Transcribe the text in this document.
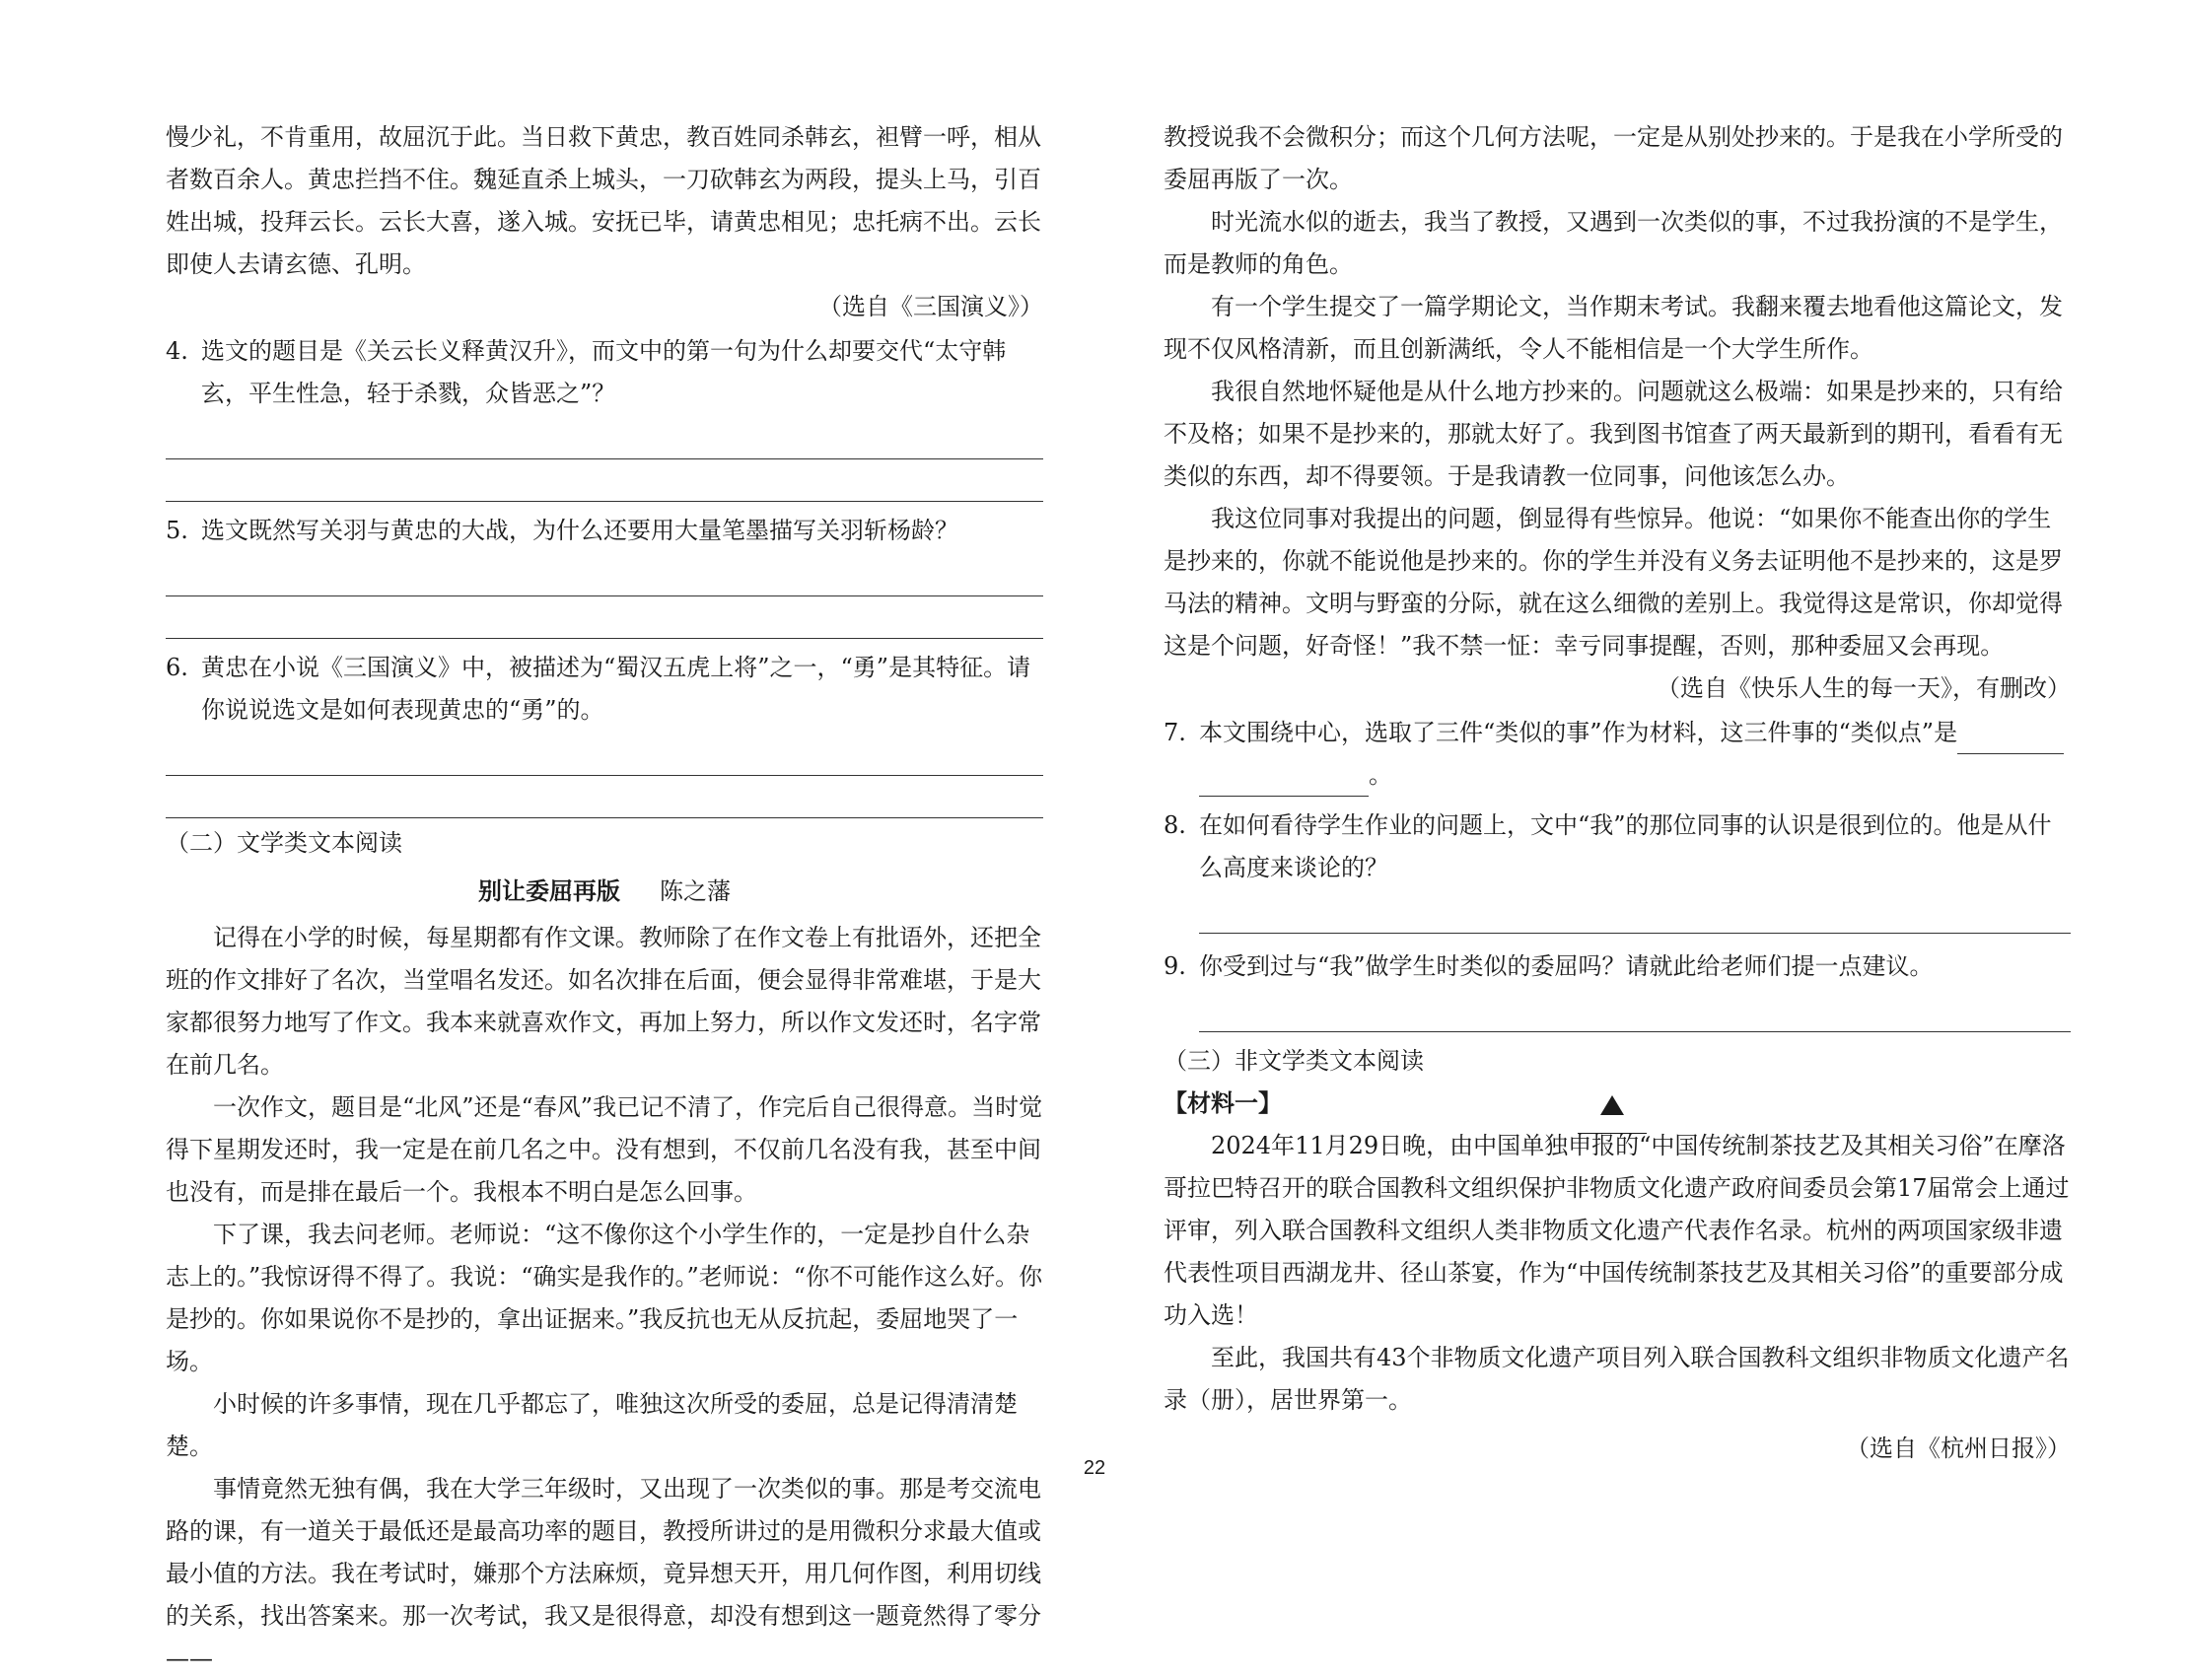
慢少礼，不肯重用，故屈沉于此。当日救下黄忠，教百姓同杀韩玄，袒臂一呼，相从者数百余人。黄忠拦挡不住。魏延直杀上城头，一刀砍韩玄为两段，提头上马，引百姓出城，投拜云长。云长大喜，遂入城。安抚已毕，请黄忠相见；忠托病不出。云长即使人去请玄德、孔明。

（选自《三国演义》）

4. 选文的题目是《关云长义释黄汉升》，而文中的第一句为什么却要交代“太守韩玄，平生性急，轻于杀戮，众皆恶之”？
5. 选文既然写关羽与黄忠的大战，为什么还要用大量笔墨描写关羽斩杨龄？
6. 黄忠在小说《三国演义》中，被描述为“蜀汉五虎上将”之一，“勇”是其特征。请你说说选文是如何表现黄忠的“勇”的。

（二）文学类文本阅读

别让委屈再版 陈之藩

记得在小学的时候，每星期都有作文课。教师除了在作文卷上有批语外，还把全班的作文排好了名次，当堂唱名发还。如名次排在后面，便会显得非常难堪，于是大家都很努力地写了作文。我本来就喜欢作文，再加上努力，所以作文发还时，名字常在前几名。

一次作文，题目是“北风”还是“春风”我已记不清了，作完后自己很得意。当时觉得下星期发还时，我一定是在前几名之中。没有想到，不仅前几名没有我，甚至中间也没有，而是排在最后一个。我根本不明白是怎么回事。

下了课，我去问老师。老师说：“这不像你这个小学生作的，一定是抄自什么杂志上的。”我惊讶得不得了。我说：“确实是我作的。”老师说：“你不可能作这么好。你是抄的。你如果说你不是抄的，拿出证据来。”我反抗也无从反抗起，委屈地哭了一场。

小时候的许多事情，现在几乎都忘了，唯独这次所受的委屈，总是记得清清楚楚。

事情竟然无独有偶，我在大学三年级时，又出现了一次类似的事。那是考交流电路的课，有一道关于最低还是最高功率的题目，教授所讲过的是用微积分求最大值或最小值的方法。我在考试时，嫌那个方法麻烦，竟异想天开，用几何作图，利用切线的关系，找出答案来。那一次考试，我又是很得意，却没有想到这一题竟然得了零分——

教授说我不会微积分；而这个几何方法呢，一定是从别处抄来的。于是我在小学所受的委屈再版了一次。

时光流水似的逝去，我当了教授，又遇到一次类似的事，不过我扮演的不是学生，而是教师的角色。

有一个学生提交了一篇学期论文，当作期末考试。我翻来覆去地看他这篇论文，发现不仅风格清新，而且创新满纸，令人不能相信是一个大学生所作。

我很自然地怀疑他是从什么地方抄来的。问题就这么极端：如果是抄来的，只有给不及格；如果不是抄来的，那就太好了。我到图书馆查了两天最新到的期刊，看看有无类似的东西，却不得要领。于是我请教一位同事，问他该怎么办。

我这位同事对我提出的问题，倒显得有些惊异。他说：“如果你不能查出你的学生是抄来的，你就不能说他是抄来的。你的学生并没有义务去证明他不是抄来的，这是罗马法的精神。文明与野蛮的分际，就在这么细微的差别上。我觉得这是常识，你却觉得这是个问题，好奇怪！”我不禁一怔：幸亏同事提醒，否则，那种委屈又会再现。

（选自《快乐人生的每一天》，有删改）

7. 本文围绕中心，选取了三件“类似的事”作为材料，这三件事的“类似点”是
。
8. 在如何看待学生作业的问题上，文中“我”的那位同事的认识是很到位的。他是从什么高度来谈论的？
9. 你受到过与“我”做学生时类似的委屈吗？请就此给老师们提一点建议。

（三）非文学类文本阅读

【材料一】

2024年11月29日晚，由中国单独申报的“中国传统制茶技艺及其相关习俗”在摩洛哥拉巴特召开的联合国教科文组织保护非物质文化遗产政府间委员会第17届常会上通过评审，列入联合国教科文组织人类非物质文化遗产代表作名录。杭州的两项国家级非遗代表性项目西湖龙井、径山茶宴，作为“中国传统制茶技艺及其相关习俗”的重要部分成功入选！

至此，我国共有43个非物质文化遗产项目列入联合国教科文组织非物质文化遗产名录（册），居世界第一。

（选自《杭州日报》）

22
